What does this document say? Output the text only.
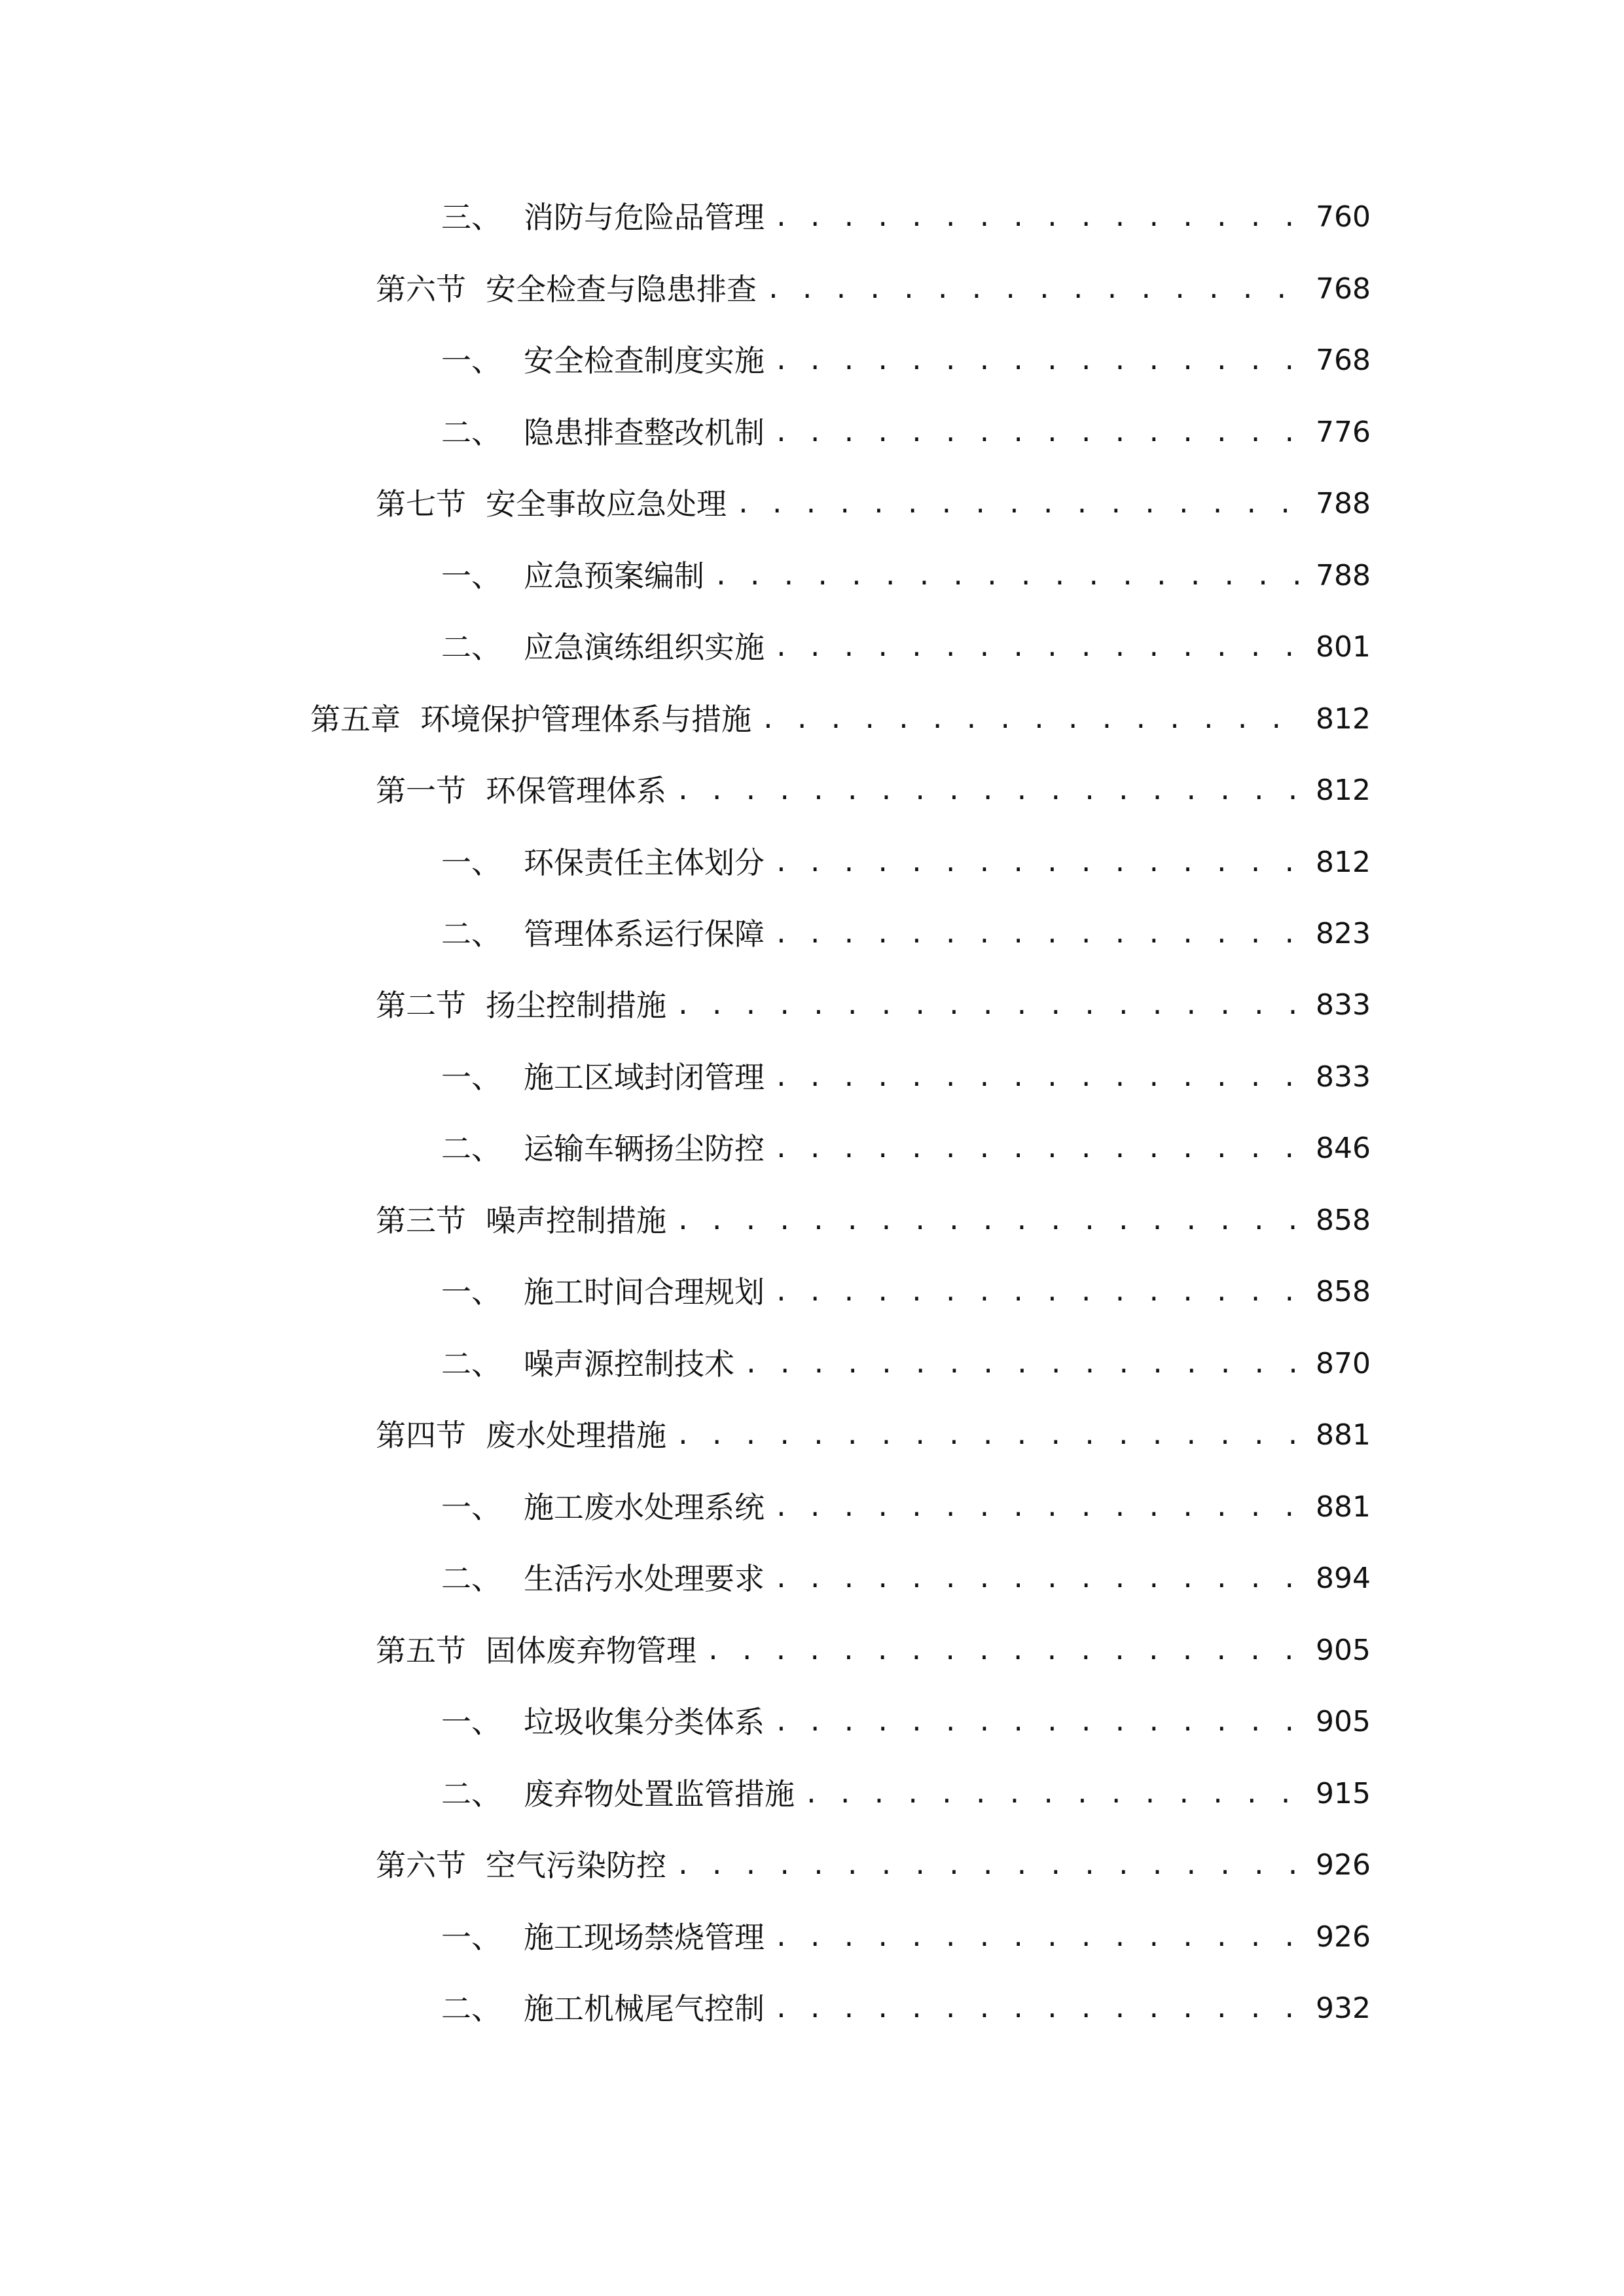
三、 消防与危险品管理 . . .	760
第六节 安全检查与隐患排查 . . .	768
一、 安全检查制度实施 . . .	768
二、 隐患排查整改机制 . . .	776
第七节 安全事故应急处理 . . .	788
一、 应急预案编制 . . .	788
二、 应急演练组织实施 . . .	801
第五章 环境保护管理体系与措施 . . .	812
第一节 环保管理体系 . . .	812
一、 环保责任主体划分 . . .	812
二、 管理体系运行保障 . . .	823
第二节 扬尘控制措施 . . .	833
一、 施工区域封闭管理 . . .	833
二、 运输车辆扬尘防控 . . .	846
第三节 噪声控制措施 . . .	858
一、 施工时间合理规划 . . .	858
二、 噪声源控制技术 . . .	870
第四节 废水处理措施 . . .	881
一、 施工废水处理系统 . . .	881
二、 生活污水处理要求 . . .	894
第五节 固体废弃物管理 . . .	905
一、 垃圾收集分类体系 . . .	905
二、 废弃物处置监管措施 . . .	915
第六节 空气污染防控 . . .	926
一、 施工现场禁烧管理 . . .	926
二、 施工机械尾气控制 . . .	932
